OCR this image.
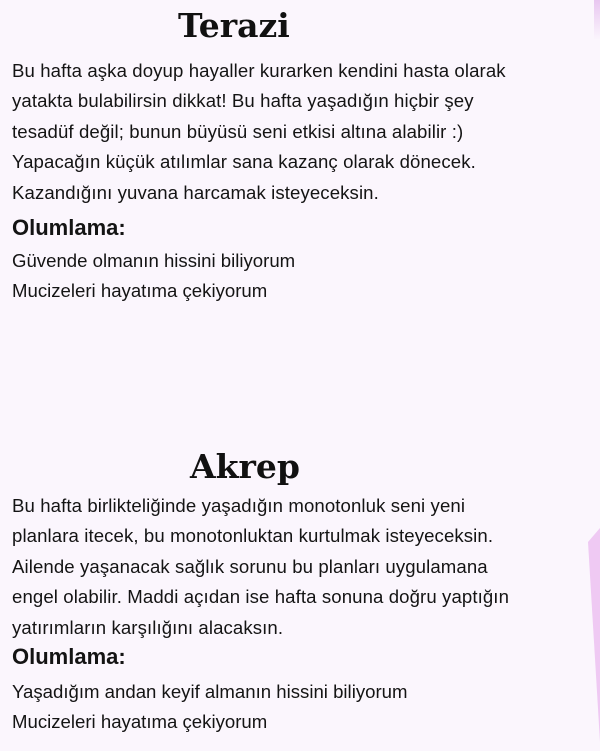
Terazi

Bu hafta aşka doyup hayaller kurarken kendini hasta olarak

yatakta bulabilirsin dikkat! Bu hafta yaşadığın hiçbir şey

tesadüf değil; bunun büyüsü seni etkisi altına alabilir :)

Yapacağın küçük atılımlar sana kazanç olarak dönecek.

Kazandığını yuvana harcamak isteyeceksin.

Olumlama:

Güvende olmanın hissini biliyorum

Mucizeleri hayatıma çekiyorum

Akrep

Bu hafta birlikteliğinde yaşadığın monotonluk seni yeni

planlara itecek, bu monotonluktan kurtulmak isteyeceksin.

Ailende yaşanacak sağlık sorunu bu planları uygulamana

engel olabilir. Maddi açıdan ise hafta sonuna doğru yaptığın

yatırımların karşılığını alacaksın.

Olumlama:

Yaşadığım andan keyif almanın hissini biliyorum

Mucizeleri hayatıma çekiyorum
